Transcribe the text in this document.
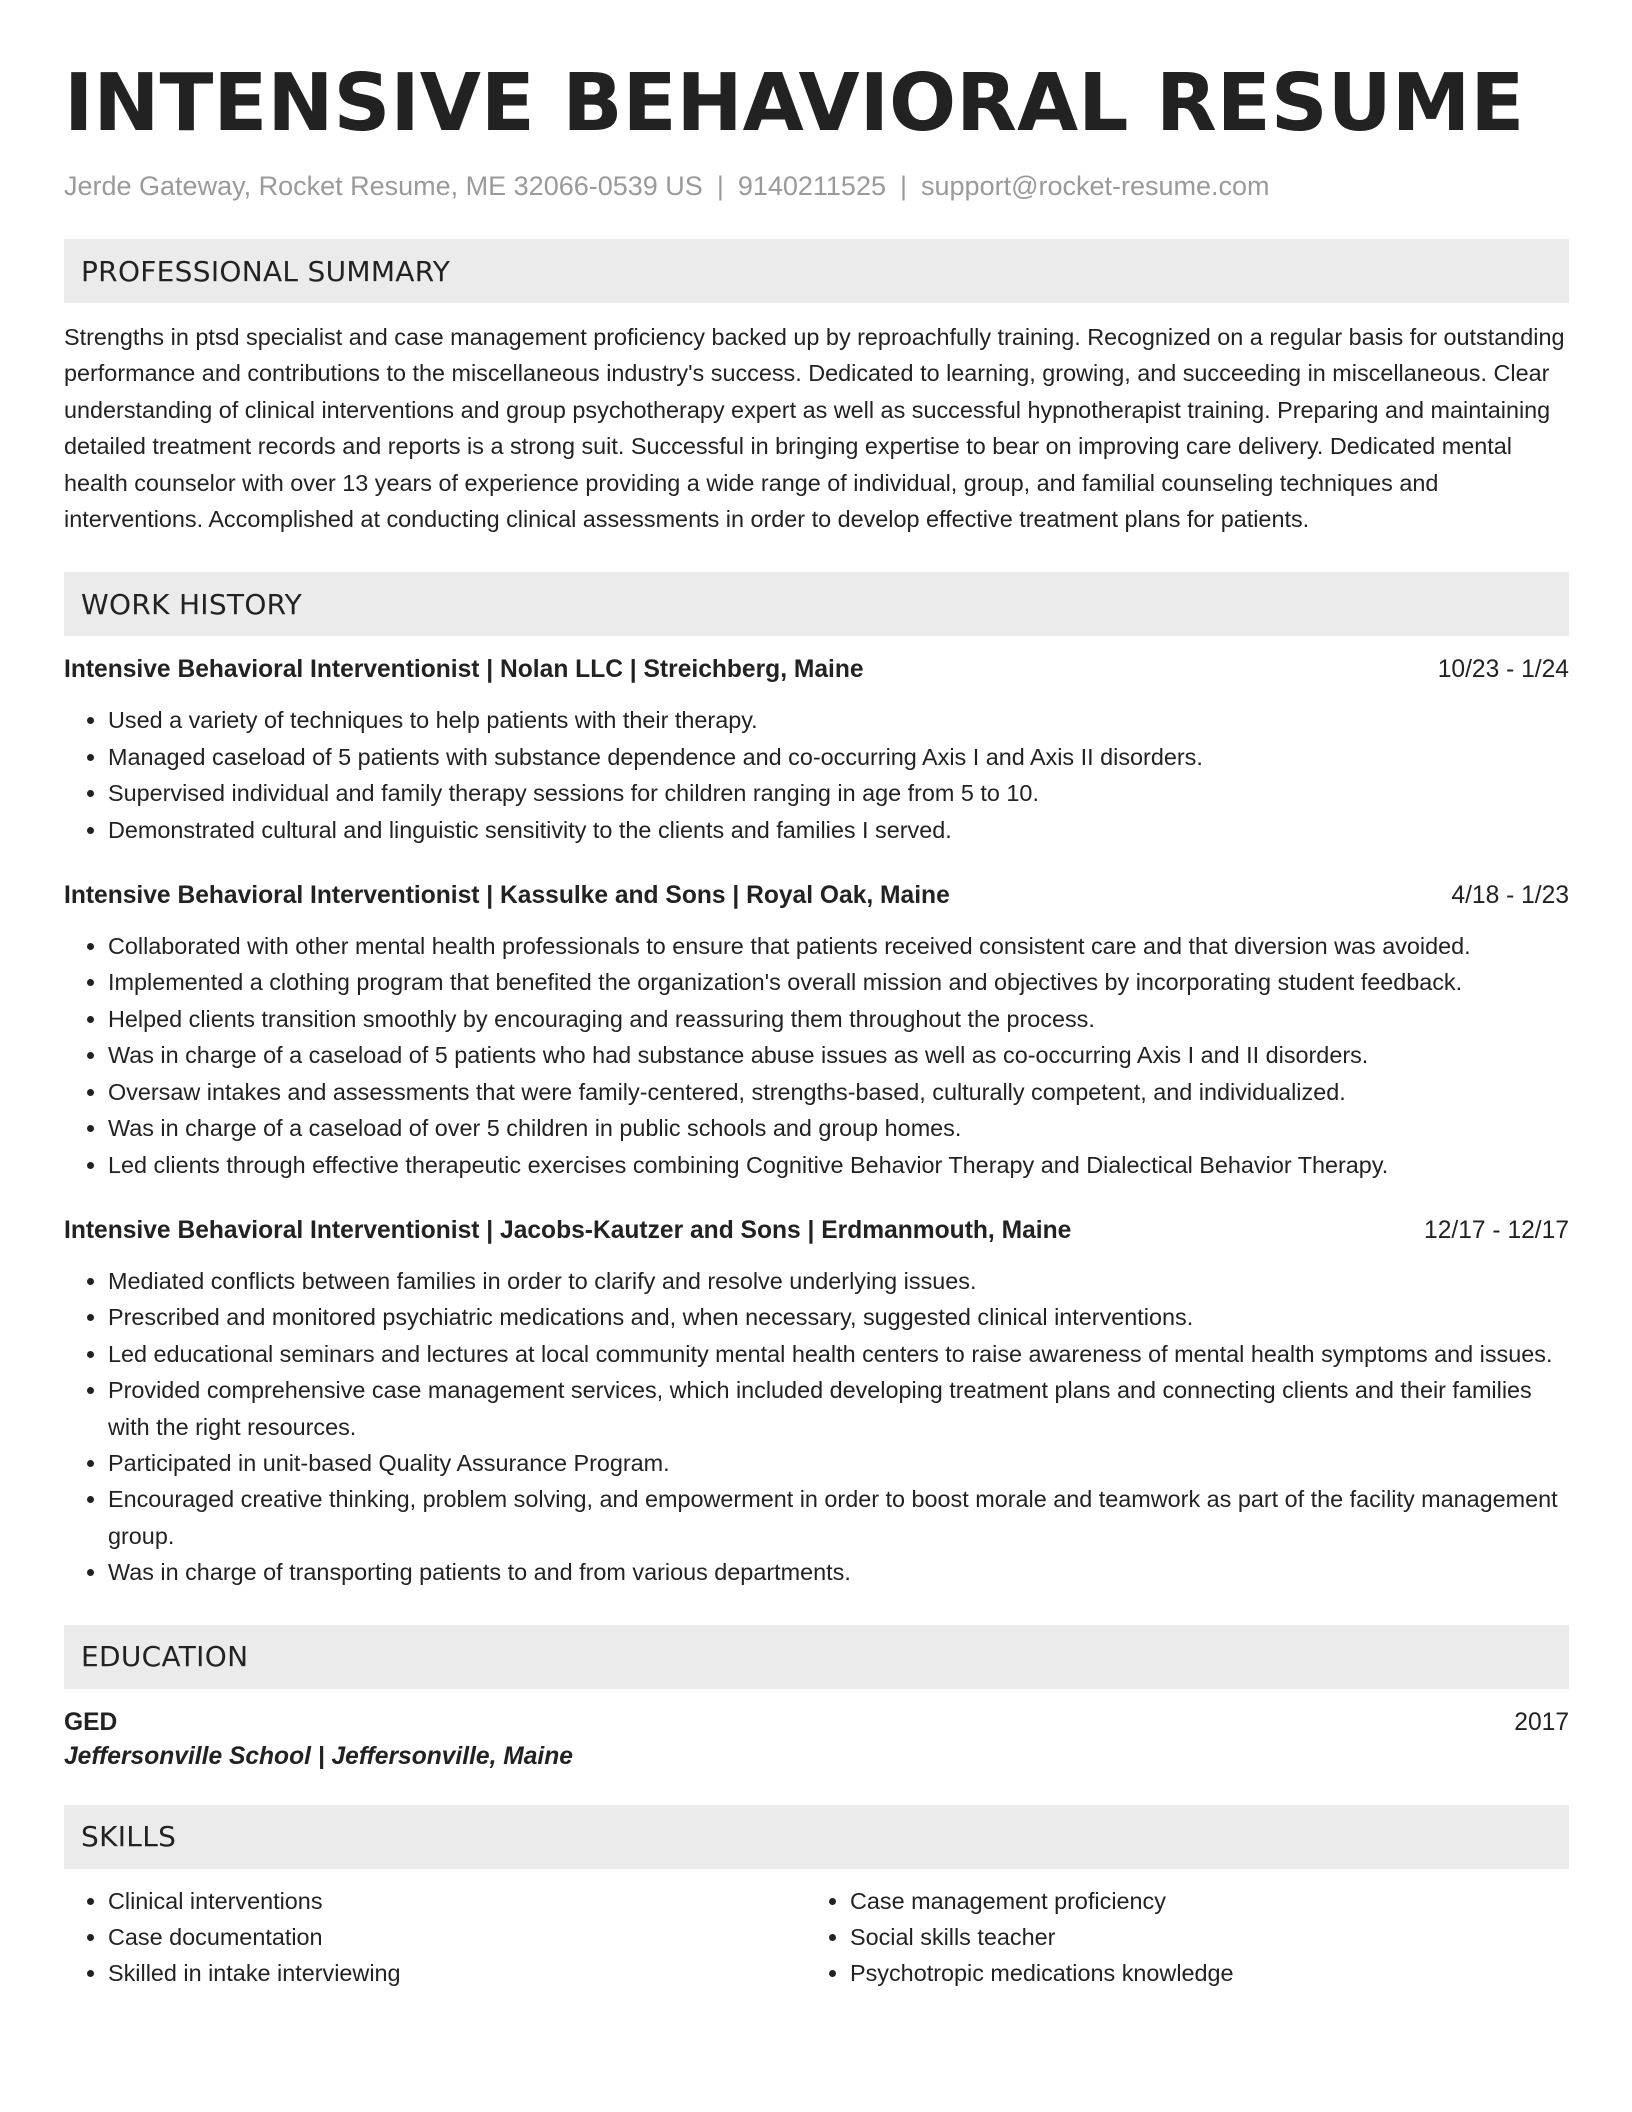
INTENSIVE BEHAVIORAL RESUME
Jerde Gateway, Rocket Resume, ME 32066-0539 US | 9140211525 | support@rocket-resume.com
PROFESSIONAL SUMMARY
Strengths in ptsd specialist and case management proficiency backed up by reproachfully training. Recognized on a regular basis for outstanding performance and contributions to the miscellaneous industry's success. Dedicated to learning, growing, and succeeding in miscellaneous. Clear understanding of clinical interventions and group psychotherapy expert as well as successful hypnotherapist training. Preparing and maintaining detailed treatment records and reports is a strong suit. Successful in bringing expertise to bear on improving care delivery. Dedicated mental health counselor with over 13 years of experience providing a wide range of individual, group, and familial counseling techniques and interventions. Accomplished at conducting clinical assessments in order to develop effective treatment plans for patients.
WORK HISTORY
Intensive Behavioral Interventionist | Nolan LLC | Streichberg, Maine	10/23 - 1/24
• Used a variety of techniques to help patients with their therapy.
• Managed caseload of 5 patients with substance dependence and co-occurring Axis I and Axis II disorders.
• Supervised individual and family therapy sessions for children ranging in age from 5 to 10.
• Demonstrated cultural and linguistic sensitivity to the clients and families I served.
Intensive Behavioral Interventionist | Kassulke and Sons | Royal Oak, Maine	4/18 - 1/23
• Collaborated with other mental health professionals to ensure that patients received consistent care and that diversion was avoided.
• Implemented a clothing program that benefited the organization's overall mission and objectives by incorporating student feedback.
• Helped clients transition smoothly by encouraging and reassuring them throughout the process.
• Was in charge of a caseload of 5 patients who had substance abuse issues as well as co-occurring Axis I and II disorders.
• Oversaw intakes and assessments that were family-centered, strengths-based, culturally competent, and individualized.
• Was in charge of a caseload of over 5 children in public schools and group homes.
• Led clients through effective therapeutic exercises combining Cognitive Behavior Therapy and Dialectical Behavior Therapy.
Intensive Behavioral Interventionist | Jacobs-Kautzer and Sons | Erdmanmouth, Maine	12/17 - 12/17
• Mediated conflicts between families in order to clarify and resolve underlying issues.
• Prescribed and monitored psychiatric medications and, when necessary, suggested clinical interventions.
• Led educational seminars and lectures at local community mental health centers to raise awareness of mental health symptoms and issues.
• Provided comprehensive case management services, which included developing treatment plans and connecting clients and their families with the right resources.
• Participated in unit-based Quality Assurance Program.
• Encouraged creative thinking, problem solving, and empowerment in order to boost morale and teamwork as part of the facility management group.
• Was in charge of transporting patients to and from various departments.
EDUCATION
GED	2017
Jeffersonville School | Jeffersonville, Maine
SKILLS
• Clinical interventions
• Case documentation
• Skilled in intake interviewing
• Case management proficiency
• Social skills teacher
• Psychotropic medications knowledge
